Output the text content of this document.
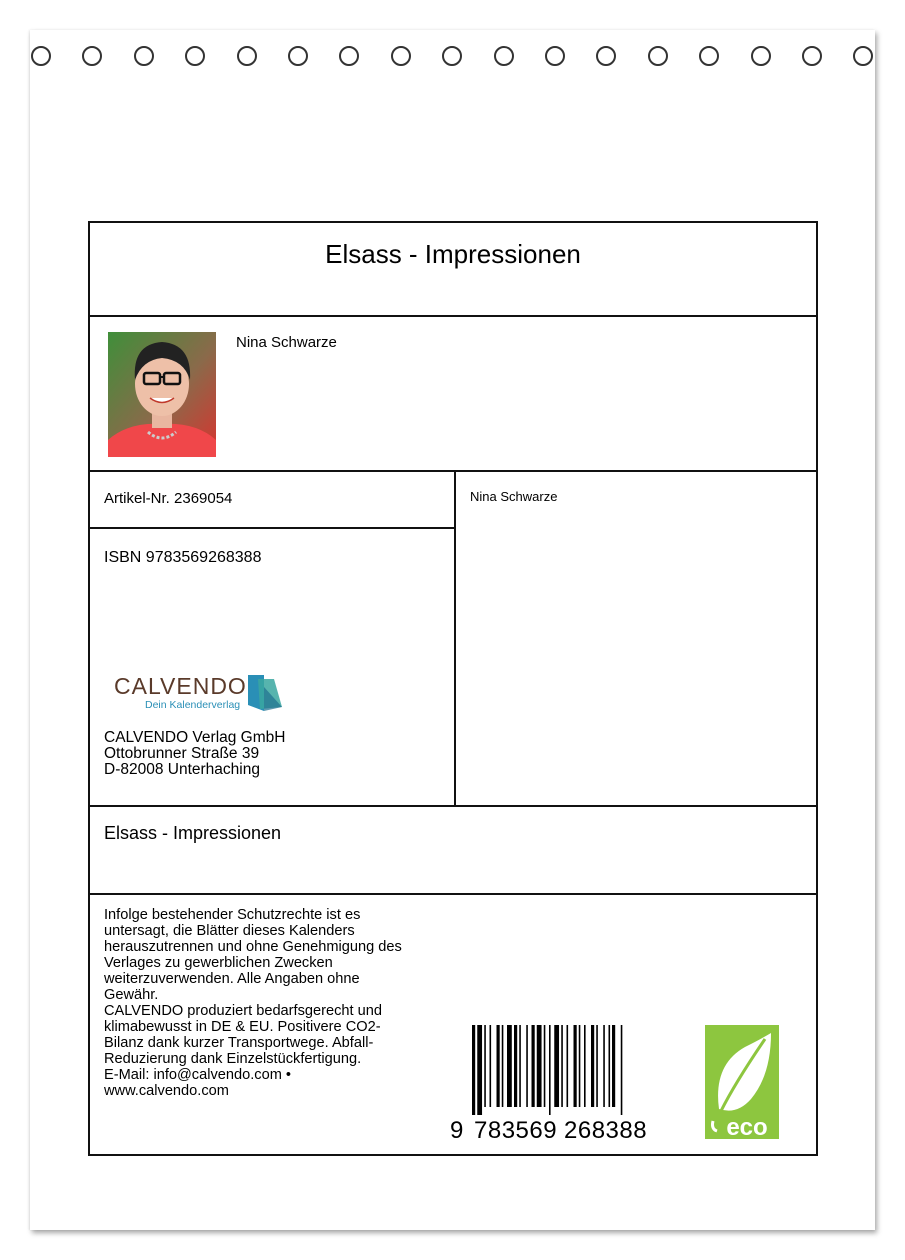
Elsass - Impressionen
Nina Schwarze
Artikel-Nr. 2369054
ISBN 9783569268388
CALVENDO
Dein Kalenderverlag
CALVENDO Verlag GmbH
Ottobrunner Straße 39
D-82008 Unterhaching
Nina Schwarze
Elsass - Impressionen

Infolge bestehender Schutzrechte ist es

untersagt, die Blätter dieses Kalenders

herauszutrennen und ohne Genehmigung des

Verlages zu gewerblichen Zwecken

weiterzuverwenden. Alle Angaben ohne

Gewähr.

CALVENDO produziert bedarfsgerecht und

klimabewusst in DE & EU. Positivere CO2-

Bilanz dank kurzer Transportwege. Abfall-

Reduzierung dank Einzelstückfertigung.

E-Mail: info@calvendo.com •

www.calvendo.com

9 783569 268388	eco
